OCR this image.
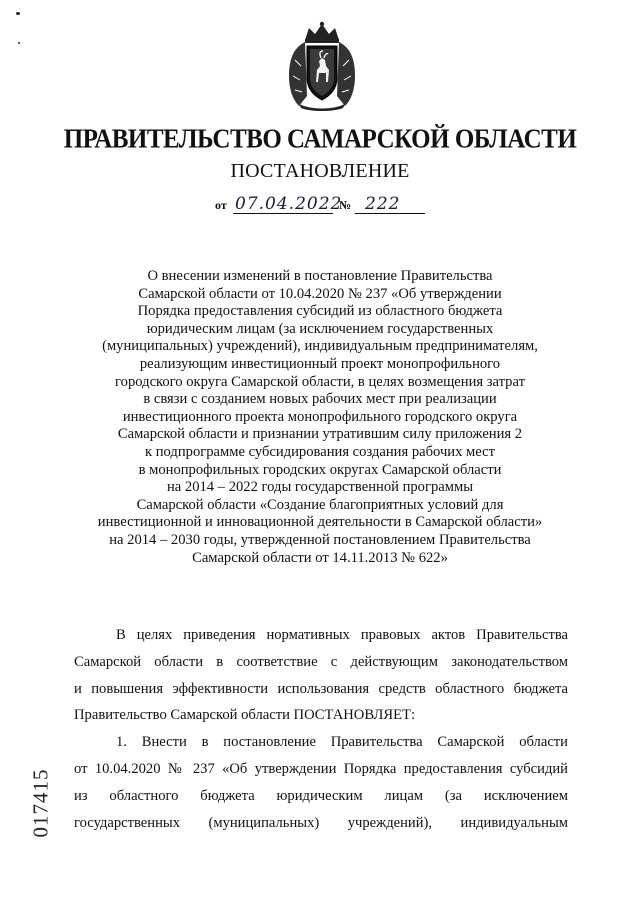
ПРАВИТЕЛЬСТВО САМАРСКОЙ ОБЛАСТИ
ПОСТАНОВЛЕНИЕ
от 07.04.2022
№ 222
О внесении изменений в постановление Правительства
Самарской области от 10.04.2020 № 237 «Об утверждении
Порядка предоставления субсидий из областного бюджета
юридическим лицам (за исключением государственных
(муниципальных) учреждений), индивидуальным предпринимателям,
реализующим инвестиционный проект монопрофильного
городского округа Самарской области, в целях возмещения затрат
в связи с созданием новых рабочих мест при реализации
инвестиционного проекта монопрофильного городского округа
Самарской области и признании утратившим силу приложения 2
к подпрограмме субсидирования создания рабочих мест
в монопрофильных городских округах Самарской области
на 2014 – 2022 годы государственной программы
Самарской области «Создание благоприятных условий для
инвестиционной и инновационной деятельности в Самарской области»
на 2014 – 2030 годы, утвержденной постановлением Правительства
Самарской области от 14.11.2013 № 622»
В целях приведения нормативных правовых актов Правительства
Самарской области в соответствие с действующим законодательством
и повышения эффективности использования средств областного бюджета
Правительство Самарской области ПОСТАНОВЛЯЕТ:
1. Внести в постановление Правительства Самарской области
от 10.04.2020 № 237 «Об утверждении Порядка предоставления субсидий
из областного бюджета юридическим лицам (за исключением
государственных (муниципальных) учреждений), индивидуальным
017415
